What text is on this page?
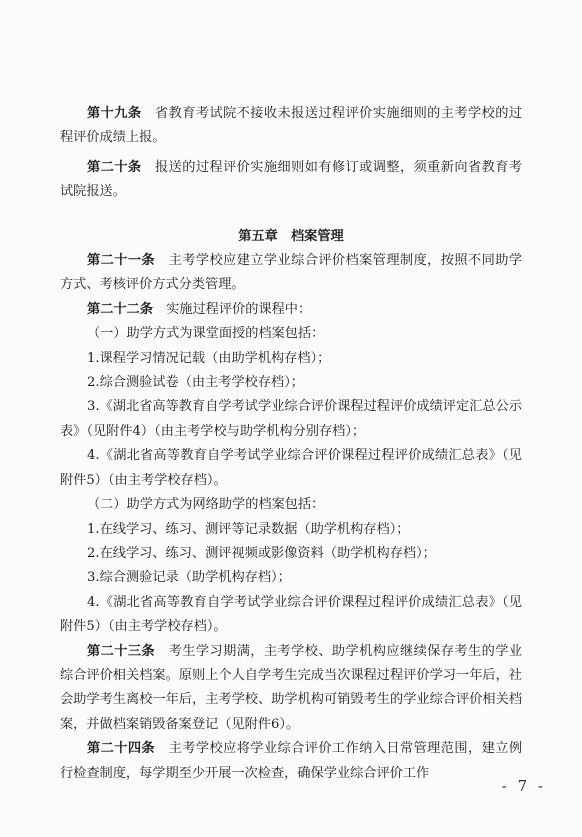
第十九条　 省教育考试院不接收未报送过程评价实施细则的主考学校的过程评价成绩上报。

第二十条　 报送的过程评价实施细则如有修订或调整，须重新向省教育考试院报送。

第五章　档案管理

第二十一条　 主考学校应建立学业综合评价档案管理制度，按照不同助学方式、考核评价方式分类管理。

第二十二条　 实施过程评价的课程中：

（一）助学方式为课堂面授的档案包括：

1.课程学习情况记载（由助学机构存档）；

2.综合测验试卷（由主考学校存档）；

3.《湖北省高等教育自学考试学业综合评价课程过程评价成绩评定汇总公示表》（见附件4）（由主考学校与助学机构分别存档）；

4.《湖北省高等教育自学考试学业综合评价课程过程评价成绩汇总表》（见附件5）（由主考学校存档）。

（二）助学方式为网络助学的档案包括：

1.在线学习、练习、测评等记录数据（助学机构存档）；

2.在线学习、练习、测评视频或影像资料（助学机构存档）；

3.综合测验记录（助学机构存档）；

4.《湖北省高等教育自学考试学业综合评价课程过程评价成绩汇总表》（见附件5）（由主考学校存档）。

第二十三条　 考生学习期满，主考学校、助学机构应继续保存考生的学业综合评价相关档案。原则上个人自学考生完成当次课程过程评价学习一年后，社会助学考生离校一年后，主考学校、助学机构可销毁考生的学业综合评价相关档案，并做档案销毁备案登记（见附件6）。

第二十四条　 主考学校应将学业综合评价工作纳入日常管理范围，建立例行检查制度，每学期至少开展一次检查，确保学业综合评价工作

- 7 -
